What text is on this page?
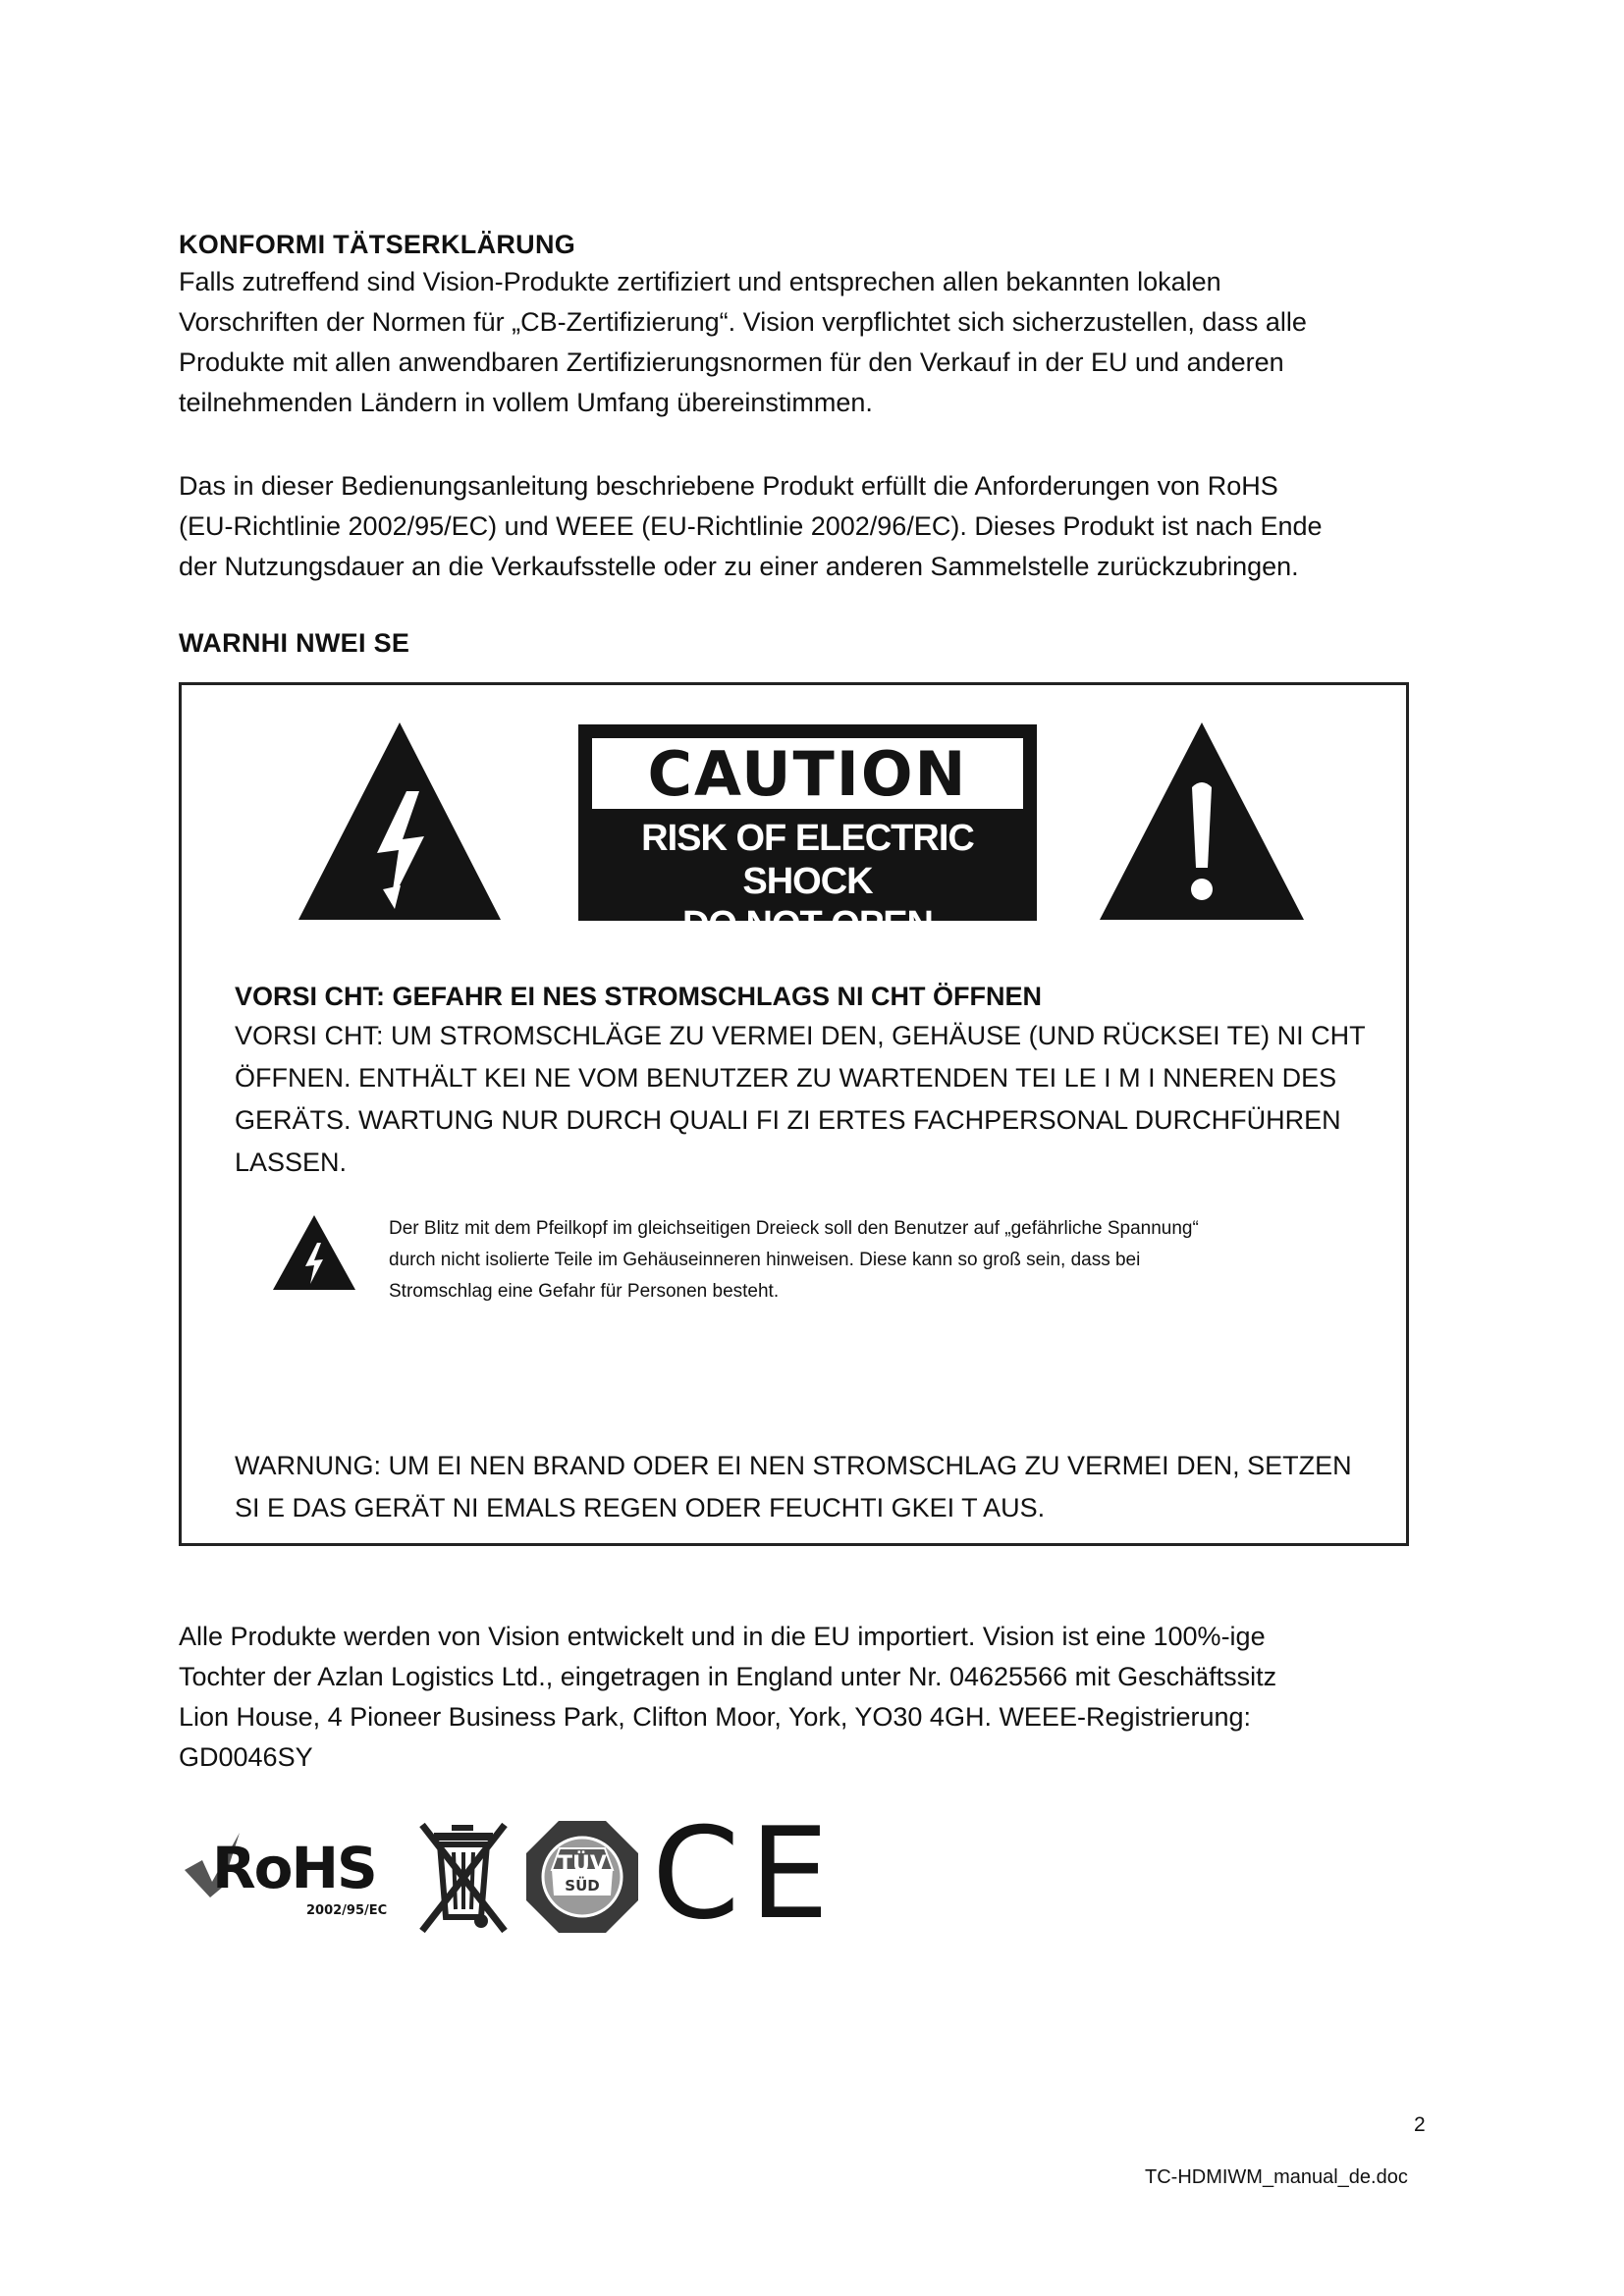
KONFORMI TÄTSERKLÄRUNG
Falls zutreffend sind Vision-Produkte zertifiziert und entsprechen allen bekannten lokalen
Vorschriften der Normen für „CB-Zertifizierung“. Vision verpflichtet sich sicherzustellen, dass alle
Produkte mit allen anwendbaren Zertifizierungsnormen für den Verkauf in der EU und anderen
teilnehmenden Ländern in vollem Umfang übereinstimmen.
Das in dieser Bedienungsanleitung beschriebene Produkt erfüllt die Anforderungen von RoHS
(EU-Richtlinie 2002/95/EC) und WEEE (EU-Richtlinie 2002/96/EC). Dieses Produkt ist nach Ende
der Nutzungsdauer an die Verkaufsstelle oder zu einer anderen Sammelstelle zurückzubringen.
WARNHI NWEI SE
CAUTION
RISK OF ELECTRIC SHOCK
DO NOT OPEN
VORSI CHT: GEFAHR EI NES STROMSCHLAGS NI CHT ÖFFNEN
VORSI CHT: UM STROMSCHLÄGE ZU VERMEI DEN, GEHÄUSE (UND RÜCKSEI TE) NI CHT
ÖFFNEN. ENTHÄLT KEI NE VOM BENUTZER ZU WARTENDEN TEI LE I M I NNEREN DES
GERÄTS. WARTUNG NUR DURCH QUALI FI ZI ERTES FACHPERSONAL DURCHFÜHREN
LASSEN.
Der Blitz mit dem Pfeilkopf im gleichseitigen Dreieck soll den Benutzer auf „gefährliche Spannung“
durch nicht isolierte Teile im Gehäuseinneren hinweisen. Diese kann so groß sein, dass bei
Stromschlag eine Gefahr für Personen besteht.
WARNUNG: UM EI NEN BRAND ODER EI NEN STROMSCHLAG ZU VERMEI DEN, SETZEN
SI E DAS GERÄT NI EMALS REGEN ODER FEUCHTI GKEI T AUS.
Alle Produkte werden von Vision entwickelt und in die EU importiert. Vision ist eine 100%-ige
Tochter der Azlan Logistics Ltd., eingetragen in England unter Nr. 04625566 mit Geschäftssitz
Lion House, 4 Pioneer Business Park, Clifton Moor, York, YO30 4GH. WEEE-Registrierung:
GD0046SY
RoHS
2002/95/EC
TÜV
SÜD CE
2
TC-HDMIWM_manual_de.doc
